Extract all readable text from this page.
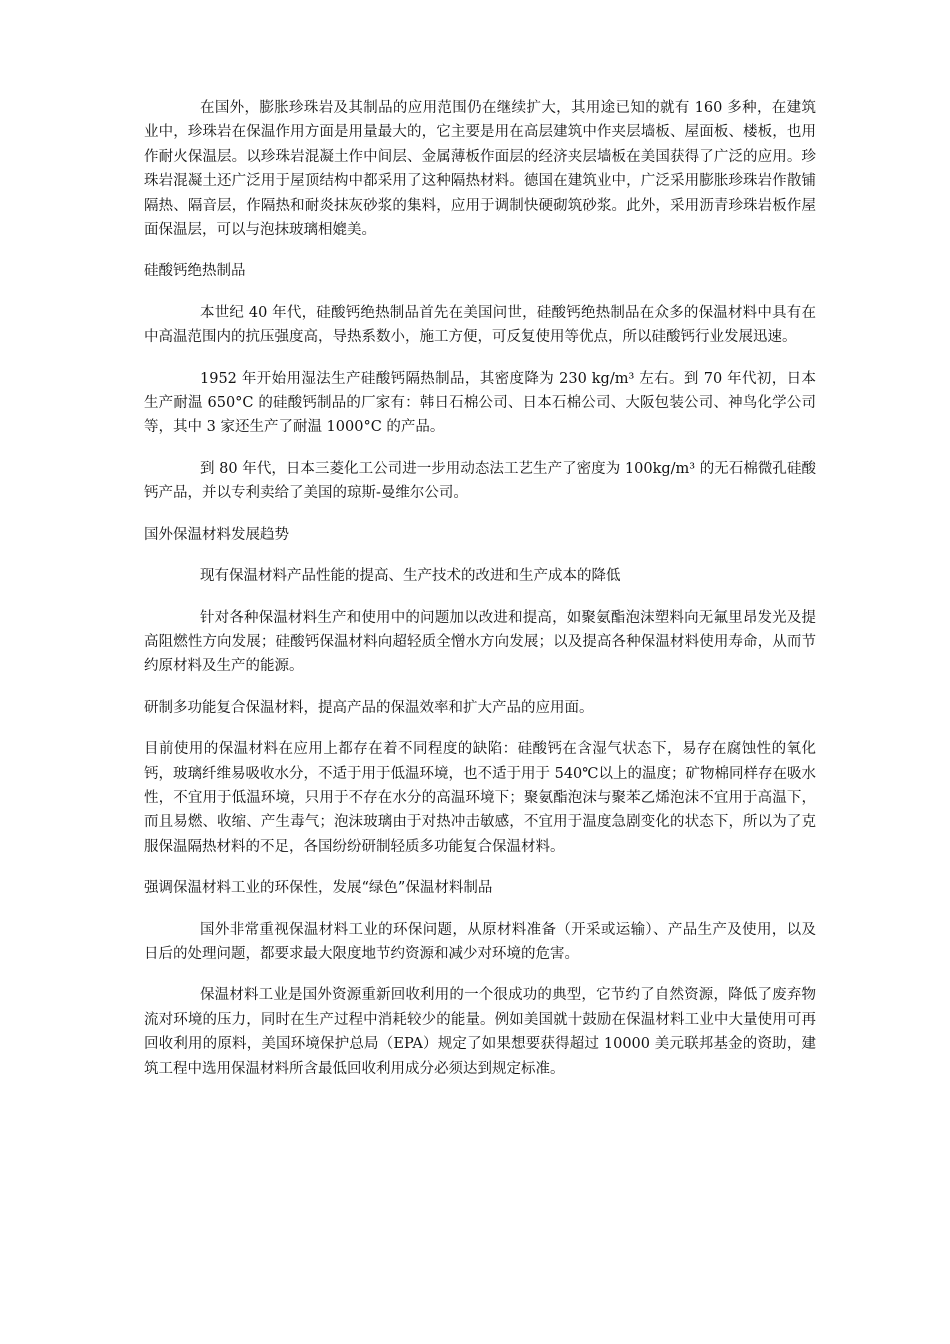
在国外，膨胀珍珠岩及其制品的应用范围仍在继续扩大，其用途已知的就有 160 多种，在建筑业中，珍珠岩在保温作用方面是用量最大的，它主要是用在高层建筑中作夹层墙板、屋面板、楼板，也用作耐火保温层。以珍珠岩混凝土作中间层、金属薄板作面层的经济夹层墙板在美国获得了广泛的应用。珍珠岩混凝土还广泛用于屋顶结构中都采用了这种隔热材料。德国在建筑业中，广泛采用膨胀珍珠岩作散铺隔热、隔音层，作隔热和耐炎抹灰砂浆的集料，应用于调制快硬砌筑砂浆。此外，采用沥青珍珠岩板作屋面保温层，可以与泡抹玻璃相媲美。

硅酸钙绝热制品

本世纪 40 年代，硅酸钙绝热制品首先在美国问世，硅酸钙绝热制品在众多的保温材料中具有在中高温范围内的抗压强度高，导热系数小，施工方便，可反复使用等优点，所以硅酸钙行业发展迅速。

1952 年开始用湿法生产硅酸钙隔热制品，其密度降为 230 kg/m³ 左右。到 70 年代初，日本生产耐温 650°C 的硅酸钙制品的厂家有：韩日石棉公司、日本石棉公司、大阪包装公司、神鸟化学公司等，其中 3 家还生产了耐温 1000°C 的产品。

到 80 年代，日本三菱化工公司进一步用动态法工艺生产了密度为 100kg/m³ 的无石棉微孔硅酸钙产品，并以专利卖给了美国的琼斯-曼维尔公司。

国外保温材料发展趋势

现有保温材料产品性能的提高、生产技术的改进和生产成本的降低

针对各种保温材料生产和使用中的问题加以改进和提高，如聚氨酯泡沫塑料向无氟里昂发光及提高阻燃性方向发展；硅酸钙保温材料向超轻质全憎水方向发展；以及提高各种保温材料使用寿命，从而节约原材料及生产的能源。

研制多功能复合保温材料，提高产品的保温效率和扩大产品的应用面。

目前使用的保温材料在应用上都存在着不同程度的缺陷：硅酸钙在含湿气状态下，易存在腐蚀性的氧化钙，玻璃纤维易吸收水分，不适于用于低温环境，也不适于用于 540℃以上的温度；矿物棉同样存在吸水性，不宜用于低温环境，只用于不存在水分的高温环境下；聚氨酯泡沫与聚苯乙烯泡沫不宜用于高温下，而且易燃、收缩、产生毒气；泡沫玻璃由于对热冲击敏感，不宜用于温度急剧变化的状态下，所以为了克服保温隔热材料的不足，各国纷纷研制轻质多功能复合保温材料。

强调保温材料工业的环保性，发展“绿色”保温材料制品

国外非常重视保温材料工业的环保问题，从原材料准备（开采或运输）、产品生产及使用，以及日后的处理问题，都要求最大限度地节约资源和减少对环境的危害。

保温材料工业是国外资源重新回收利用的一个很成功的典型，它节约了自然资源，降低了废弃物流对环境的压力，同时在生产过程中消耗较少的能量。例如美国就十鼓励在保温材料工业中大量使用可再回收利用的原料，美国环境保护总局（EPA）规定了如果想要获得超过 10000 美元联邦基金的资助，建筑工程中选用保温材料所含最低回收利用成分必须达到规定标准。
